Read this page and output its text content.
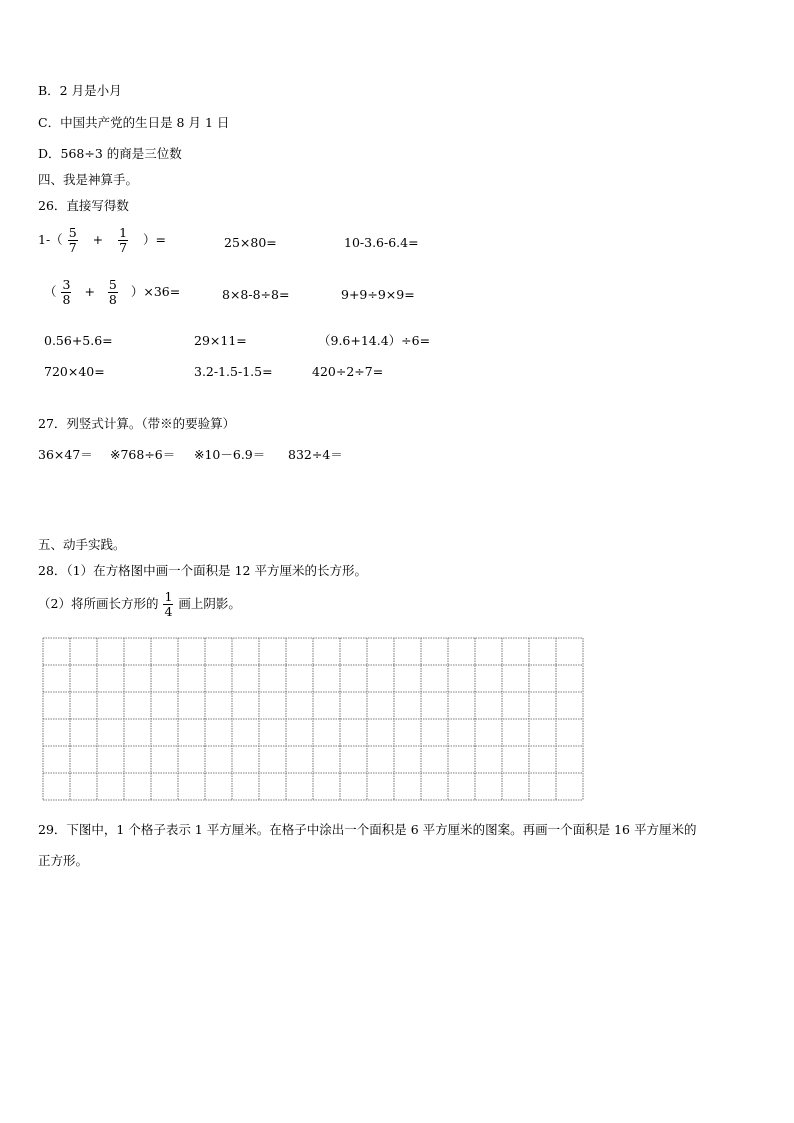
B．2 月是小月
C．中国共产党的生日是 8 月 1 日
D．568÷3 的商是三位数
四、我是神算手。
26．直接写得数
$1-( \frac{5}{7} + \frac{1}{7}$ ）=	25×80=	10-3.6-6.4=
（ $\frac{3}{8} + \frac{5}{8} )\times 36=$	8×8-8÷8=	9+9÷9×9=
0.56+5.6=	29×11=	（9.6+14.4）÷6=
720×40=	3.2-1.5-1.5=	420÷2÷7=
27．列竖式计算。（带※的要验算）
36×47＝ ※768÷6＝ ※10－6.9＝ 832÷4＝
五、动手实践。
28．（1）在方格图中画一个面积是 12 平方厘米的长方形。
（2）将所画长方形的 $\frac{1}{4}$ 画上阴影。
29．下图中，1 个格子表示 1 平方厘米。在格子中涂出一个面积是 6 平方厘米的图案。再画一个面积是 16 平方厘米的
正方形。
